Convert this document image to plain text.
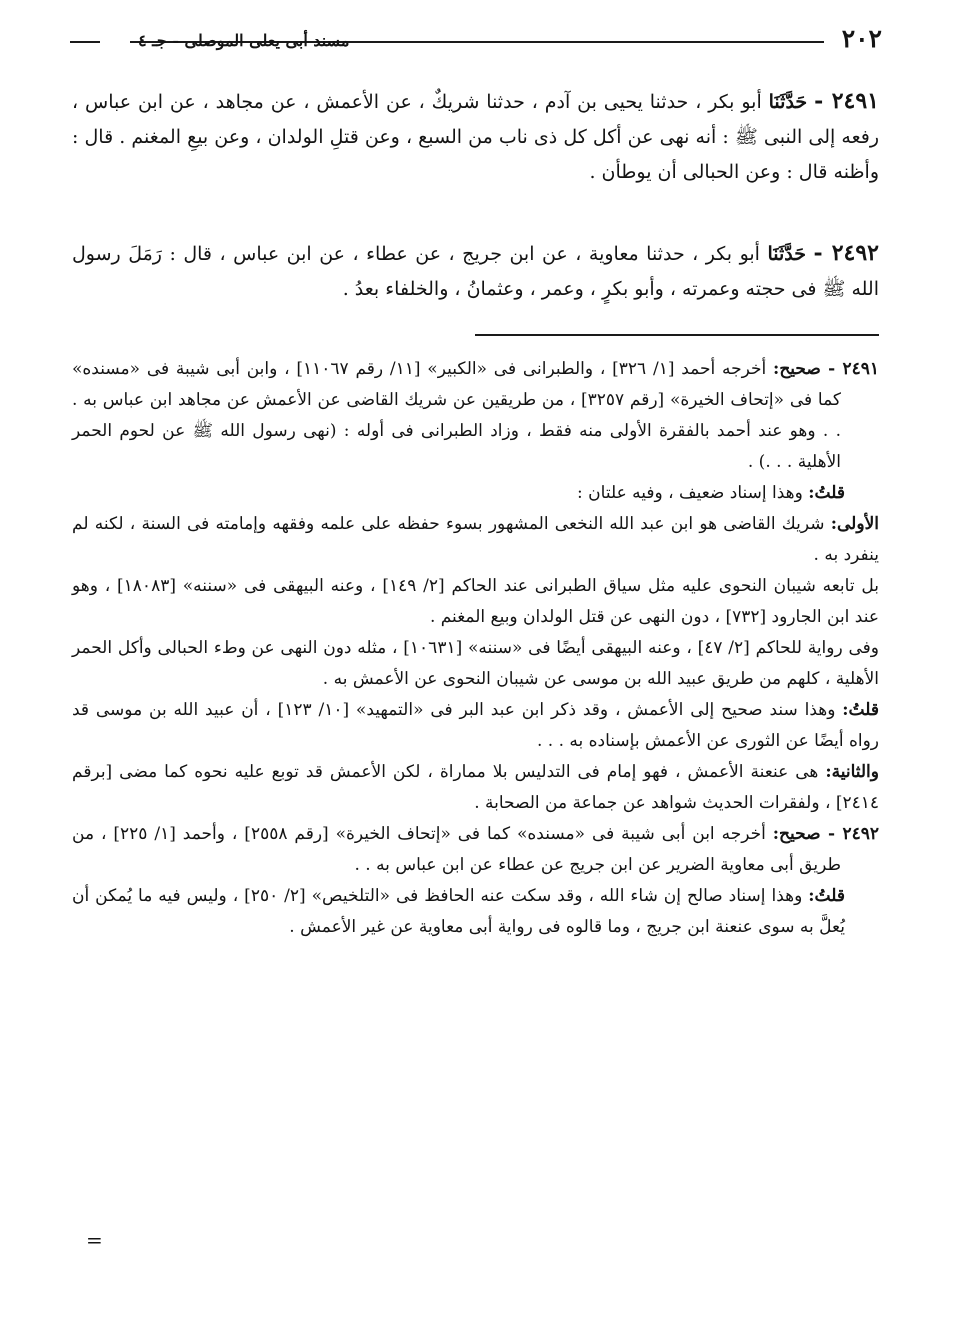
٢٠٢
مسند أبى يعلى الموصلى - جـ ٤

٢٤٩١ - حَدَّثَنَا أبو بكر ، حدثنا يحيى بن آدم ، حدثنا شريكٌ ، عن الأعمش ، عن مجاهد ، عن ابن عباس ، رفعه إلى النبى ﷺ : أنه نهى عن أكل كل ذى ناب من السبع ، وعن قتلِ الولدان ، وعن بيعِ المغنم . قال : وأظنه قال : وعن الحبالى أن يوطأن .

٢٤٩٢ - حَدَّثَنَا أبو بكر ، حدثنا معاوية ، عن ابن جريج ، عن عطاء ، عن ابن عباس ، قال : رَمَلَ رسول الله ﷺ فى حجته وعمرته ، وأبو بكرٍ ، وعمر ، وعثمانُ ، والخلفاء بعدُ .

٢٤٩١ - صحيح: أخرجه أحمد [١/ ٣٢٦] ، والطبرانى فى «الكبير» [١١/ رقم ١١٠٦٧] ، وابن أبى شيبة فى «مسنده» كما فى «إتحاف الخيرة» [رقم ٣٢٥٧] ، من طريقين عن شريك القاضى عن الأعمش عن مجاهد ابن عباس به . . . وهو عند أحمد بالفقرة الأولى منه فقط ، وزاد الطبرانى فى أوله : (نهى رسول الله ﷺ عن لحوم الحمر الأهلية . . .) .

قلتُ: وهذا إسناد ضعيف ، وفيه علتان :

الأولى: شريك القاضى هو ابن عبد الله النخعى المشهور بسوء حفظه على علمه وفقهه وإمامته فى السنة ، لكنه لم ينفرد به .

بل تابعه شيبان النحوى عليه مثل سياق الطبرانى عند الحاكم [٢/ ١٤٩] ، وعنه البيهقى فى «سننه» [١٨٠٨٣] ، وهو عند ابن الجارود [٧٣٢] ، دون النهى عن قتل الولدان وبيع المغنم .

وفى رواية للحاكم [٢/ ٤٧] ، وعنه البيهقى أيضًا فى «سننه» [١٠٦٣١] ، مثله دون النهى عن وطء الحبالى وأكل الحمر الأهلية ، كلهم من طريق عبيد الله بن موسى عن شيبان النحوى عن الأعمش به .

قلتُ: وهذا سند صحيح إلى الأعمش ، وقد ذكر ابن عبد البر فى «التمهيد» [١٠/ ١٢٣] ، أن عبيد الله بن موسى قد رواه أيضًا عن الثورى عن الأعمش بإسناده به . . .

والثانية: هى عنعنة الأعمش ، فهو إمام فى التدليس بلا مماراة ، لكن الأعمش قد توبع عليه نحوه كما مضى [برقم ٢٤١٤] ، ولفقرات الحديث شواهد عن جماعة من الصحابة .

٢٤٩٢ - صحيح: أخرجه ابن أبى شيبة فى «مسنده» كما فى «إتحاف الخيرة» [رقم ٢٥٥٨] ، وأحمد [١/ ٢٢٥] ، من طريق أبى معاوية الضرير عن ابن جريج عن عطاء عن ابن عباس به . .

قلتُ: وهذا إسناد صالح إن شاء الله ، وقد سكت عنه الحافظ فى «التلخيص» [٢/ ٢٥٠] ، وليس فيه ما يُمكن أن يُعلَّ به سوى عنعنة ابن جريج ، وما قالوه فى رواية أبى معاوية عن غير الأعمش .

=
